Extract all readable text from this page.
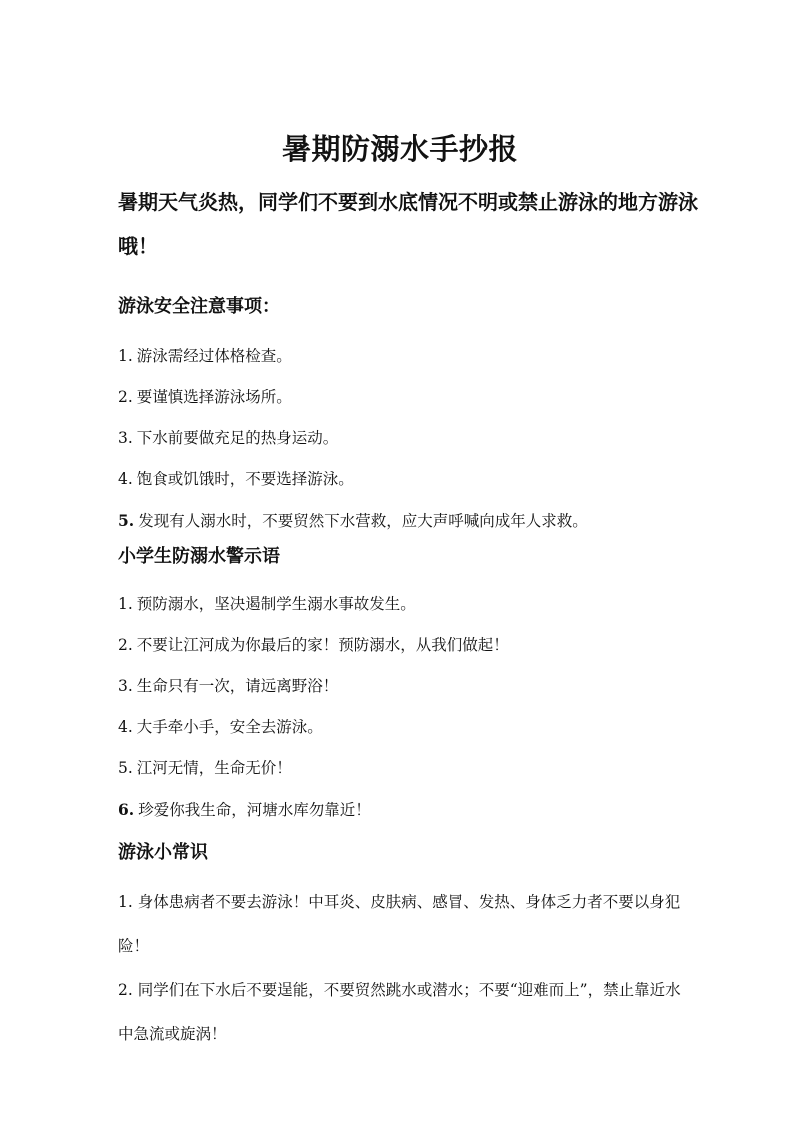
暑期防溺水手抄报

暑期天气炎热，同学们不要到水底情况不明或禁止游泳的地方游泳哦！

游泳安全注意事项：
1. 游泳需经过体格检查。
2. 要谨慎选择游泳场所。
3. 下水前要做充足的热身运动。
4. 饱食或饥饿时，不要选择游泳。
5. 发现有人溺水时，不要贸然下水营救，应大声呼喊向成年人求救。
小学生防溺水警示语
1. 预防溺水，坚决遏制学生溺水事故发生。
2. 不要让江河成为你最后的家！预防溺水，从我们做起！
3. 生命只有一次，请远离野浴！
4. 大手牵小手，安全去游泳。
5. 江河无情，生命无价！
6. 珍爱你我生命，河塘水库勿靠近！
游泳小常识
1. 身体患病者不要去游泳！中耳炎、皮肤病、感冒、发热、身体乏力者不要以身犯险！
2. 同学们在下水后不要逞能，不要贸然跳水或潜水；不要“迎难而上”，禁止靠近水中急流或旋涡！
